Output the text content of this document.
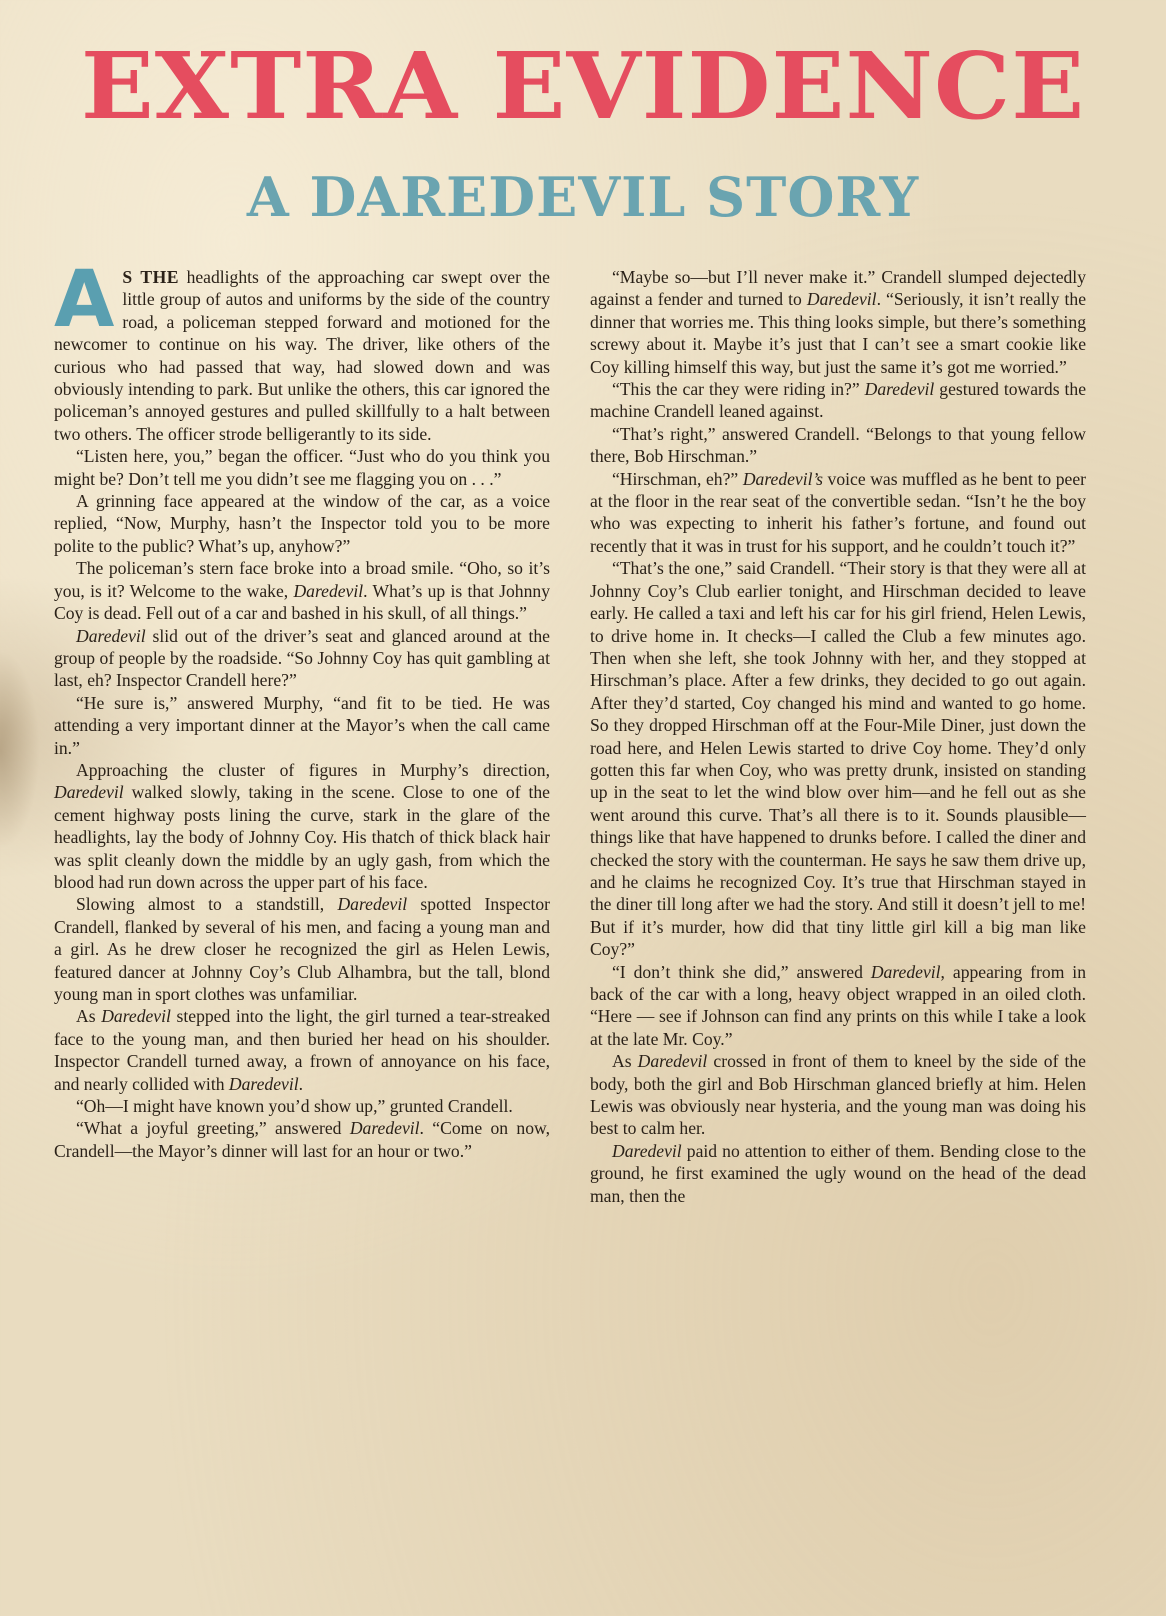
EXTRA EVIDENCE
A DAREDEVIL STORY

A S THE headlights of the approaching car swept over the little group of autos and uniforms by the side of the country road, a policeman stepped forward and motioned for the newcomer to continue on his way. The driver, like others of the curious who had passed that way, had slowed down and was obviously intending to park. But unlike the others, this car ignored the policeman’s annoyed gestures and pulled skillfully to a halt between two others. The officer strode belligerantly to its side.

“Listen here, you,” began the officer. “Just who do you think you might be? Don’t tell me you didn’t see me flagging you on . . .”

A grinning face appeared at the window of the car, as a voice replied, “Now, Murphy, hasn’t the Inspector told you to be more polite to the public? What’s up, anyhow?”

The policeman’s stern face broke into a broad smile. “Oho, so it’s you, is it? Welcome to the wake, Daredevil. What’s up is that Johnny Coy is dead. Fell out of a car and bashed in his skull, of all things.”

Daredevil slid out of the driver’s seat and glanced around at the group of people by the roadside. “So Johnny Coy has quit gambling at last, eh? Inspector Crandell here?”

“He sure is,” answered Murphy, “and fit to be tied. He was attending a very important dinner at the Mayor’s when the call came in.”

Approaching the cluster of figures in Murphy’s direction, Daredevil walked slowly, taking in the scene. Close to one of the cement highway posts lining the curve, stark in the glare of the headlights, lay the body of Johnny Coy. His thatch of thick black hair was split cleanly down the middle by an ugly gash, from which the blood had run down across the upper part of his face.

Slowing almost to a standstill, Daredevil spotted Inspector Crandell, flanked by several of his men, and facing a young man and a girl. As he drew closer he recognized the girl as Helen Lewis, featured dancer at Johnny Coy’s Club Alhambra, but the tall, blond young man in sport clothes was unfamiliar.

As Daredevil stepped into the light, the girl turned a tear-streaked face to the young man, and then buried her head on his shoulder. Inspector Crandell turned away, a frown of annoyance on his face, and nearly collided with Daredevil.

“Oh—I might have known you’d show up,” grunted Crandell.

“What a joyful greeting,” answered Daredevil. “Come on now, Crandell—the Mayor’s dinner will last for an hour or two.”

“Maybe so—but I’ll never make it.” Crandell slumped dejectedly against a fender and turned to Daredevil. “Seriously, it isn’t really the dinner that worries me. This thing looks simple, but there’s something screwy about it. Maybe it’s just that I can’t see a smart cookie like Coy killing himself this way, but just the same it’s got me worried.”

“This the car they were riding in?” Daredevil gestured towards the machine Crandell leaned against.

“That’s right,” answered Crandell. “Belongs to that young fellow there, Bob Hirschman.”

“Hirschman, eh?” Daredevil’s voice was muffled as he bent to peer at the floor in the rear seat of the convertible sedan. “Isn’t he the boy who was expecting to inherit his father’s fortune, and found out recently that it was in trust for his support, and he couldn’t touch it?”

“That’s the one,” said Crandell. “Their story is that they were all at Johnny Coy’s Club earlier tonight, and Hirschman decided to leave early. He called a taxi and left his car for his girl friend, Helen Lewis, to drive home in. It checks—I called the Club a few minutes ago. Then when she left, she took Johnny with her, and they stopped at Hirschman’s place. After a few drinks, they decided to go out again. After they’d started, Coy changed his mind and wanted to go home. So they dropped Hirschman off at the Four-Mile Diner, just down the road here, and Helen Lewis started to drive Coy home. They’d only gotten this far when Coy, who was pretty drunk, insisted on standing up in the seat to let the wind blow over him—and he fell out as she went around this curve. That’s all there is to it. Sounds plausible—things like that have happened to drunks before. I called the diner and checked the story with the counterman. He says he saw them drive up, and he claims he recognized Coy. It’s true that Hirschman stayed in the diner till long after we had the story. And still it doesn’t jell to me! But if it’s murder, how did that tiny little girl kill a big man like Coy?”

“I don’t think she did,” answered Daredevil, appearing from in back of the car with a long, heavy object wrapped in an oiled cloth. “Here — see if Johnson can find any prints on this while I take a look at the late Mr. Coy.”

As Daredevil crossed in front of them to kneel by the side of the body, both the girl and Bob Hirschman glanced briefly at him. Helen Lewis was obviously near hysteria, and the young man was doing his best to calm her.

Daredevil paid no attention to either of them. Bending close to the ground, he first examined the ugly wound on the head of the dead man, then the
